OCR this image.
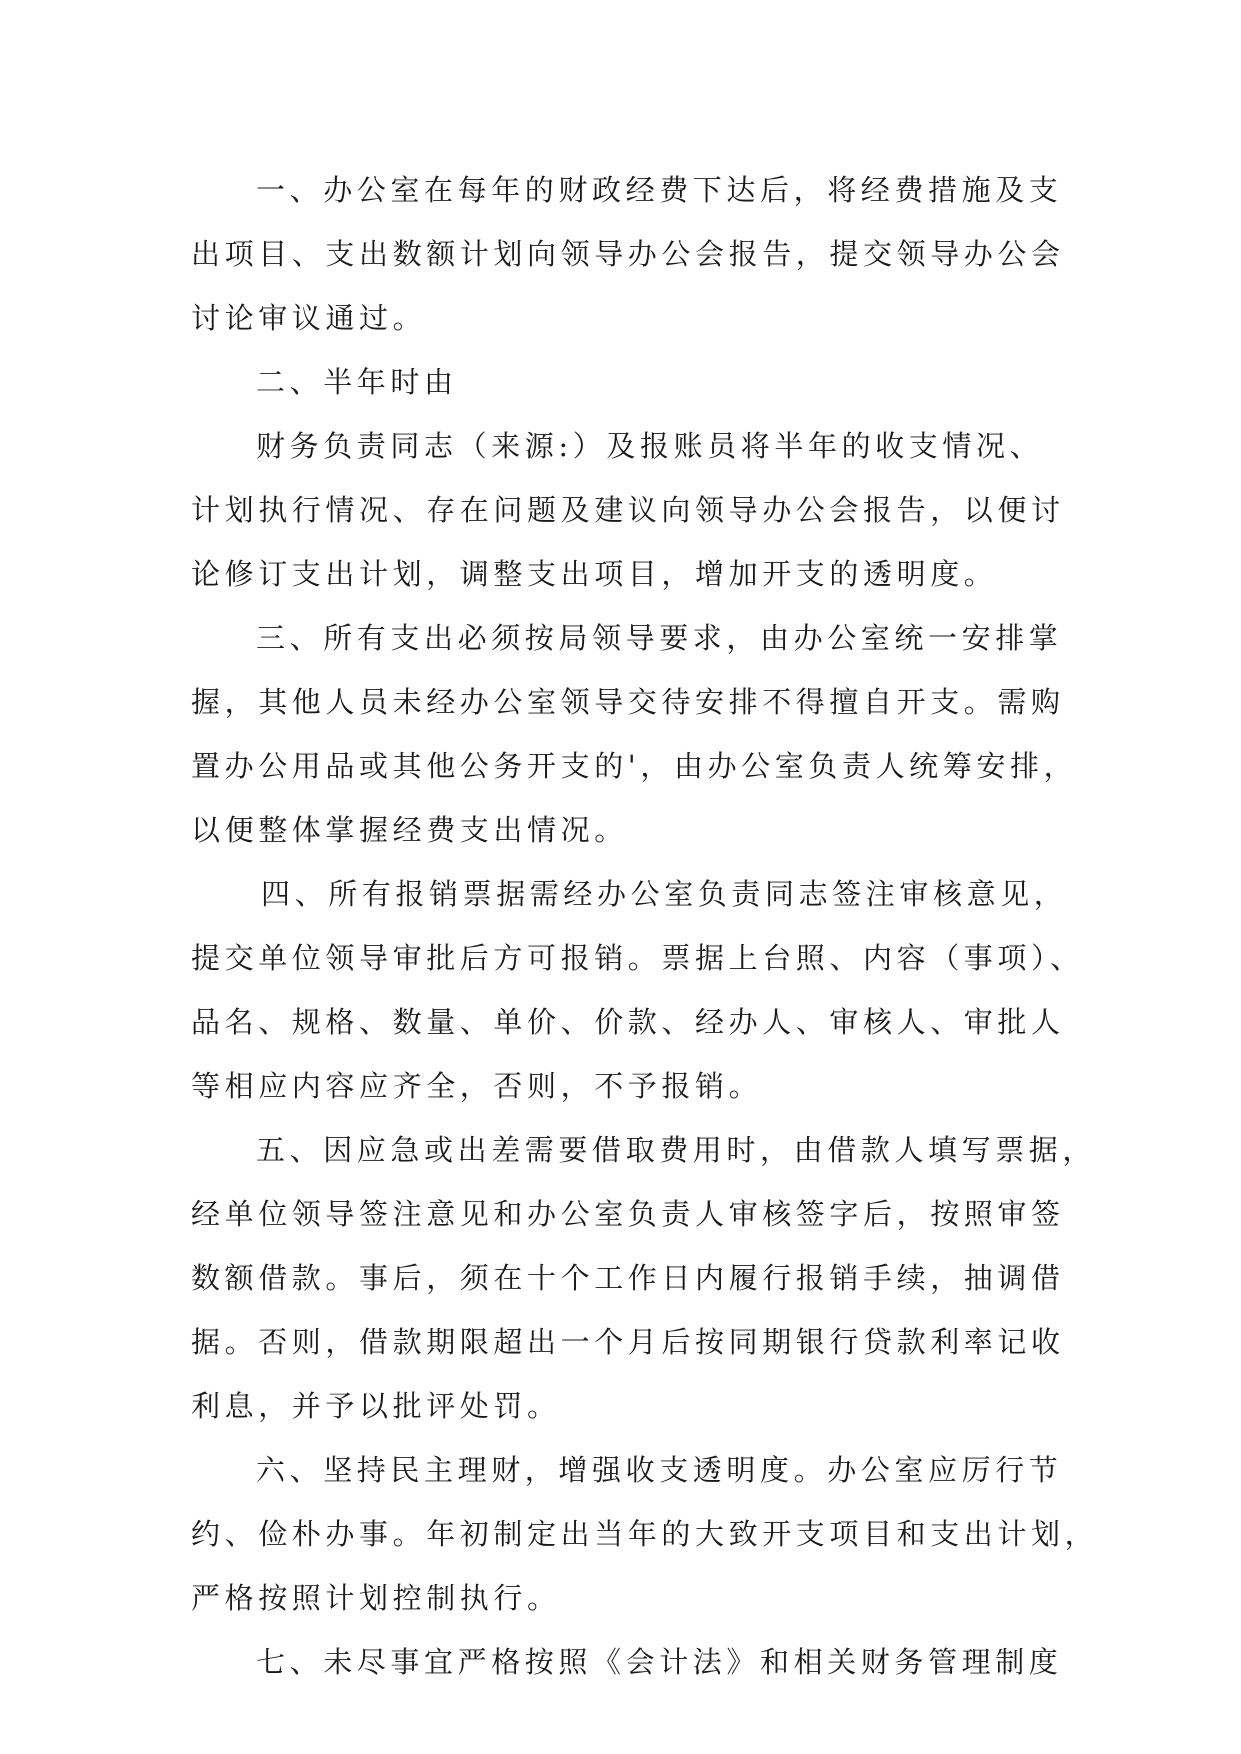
一、办公室在每年的财政经费下达后，将经费措施及支
出项目、支出数额计划向领导办公会报告，提交领导办公会
讨论审议通过。
二、半年时由
财务负责同志（来源:）及报账员将半年的收支情况、
计划执行情况、存在问题及建议向领导办公会报告，以便讨
论修订支出计划，调整支出项目，增加开支的透明度。
三、所有支出必须按局领导要求，由办公室统一安排掌
握，其他人员未经办公室领导交待安排不得擅自开支。需购
置办公用品或其他公务开支的'，由办公室负责人统筹安排，
以便整体掌握经费支出情况。
四、所有报销票据需经办公室负责同志签注审核意见，
提交单位领导审批后方可报销。票据上台照、内容（事项）、
品名、规格、数量、单价、价款、经办人、审核人、审批人
等相应内容应齐全，否则，不予报销。
五、因应急或出差需要借取费用时，由借款人填写票据，
经单位领导签注意见和办公室负责人审核签字后，按照审签
数额借款。事后，须在十个工作日内履行报销手续，抽调借
据。否则，借款期限超出一个月后按同期银行贷款利率记收
利息，并予以批评处罚。
六、坚持民主理财，增强收支透明度。办公室应厉行节
约、俭朴办事。年初制定出当年的大致开支项目和支出计划，
严格按照计划控制执行。
七、未尽事宜严格按照《会计法》和相关财务管理制度
